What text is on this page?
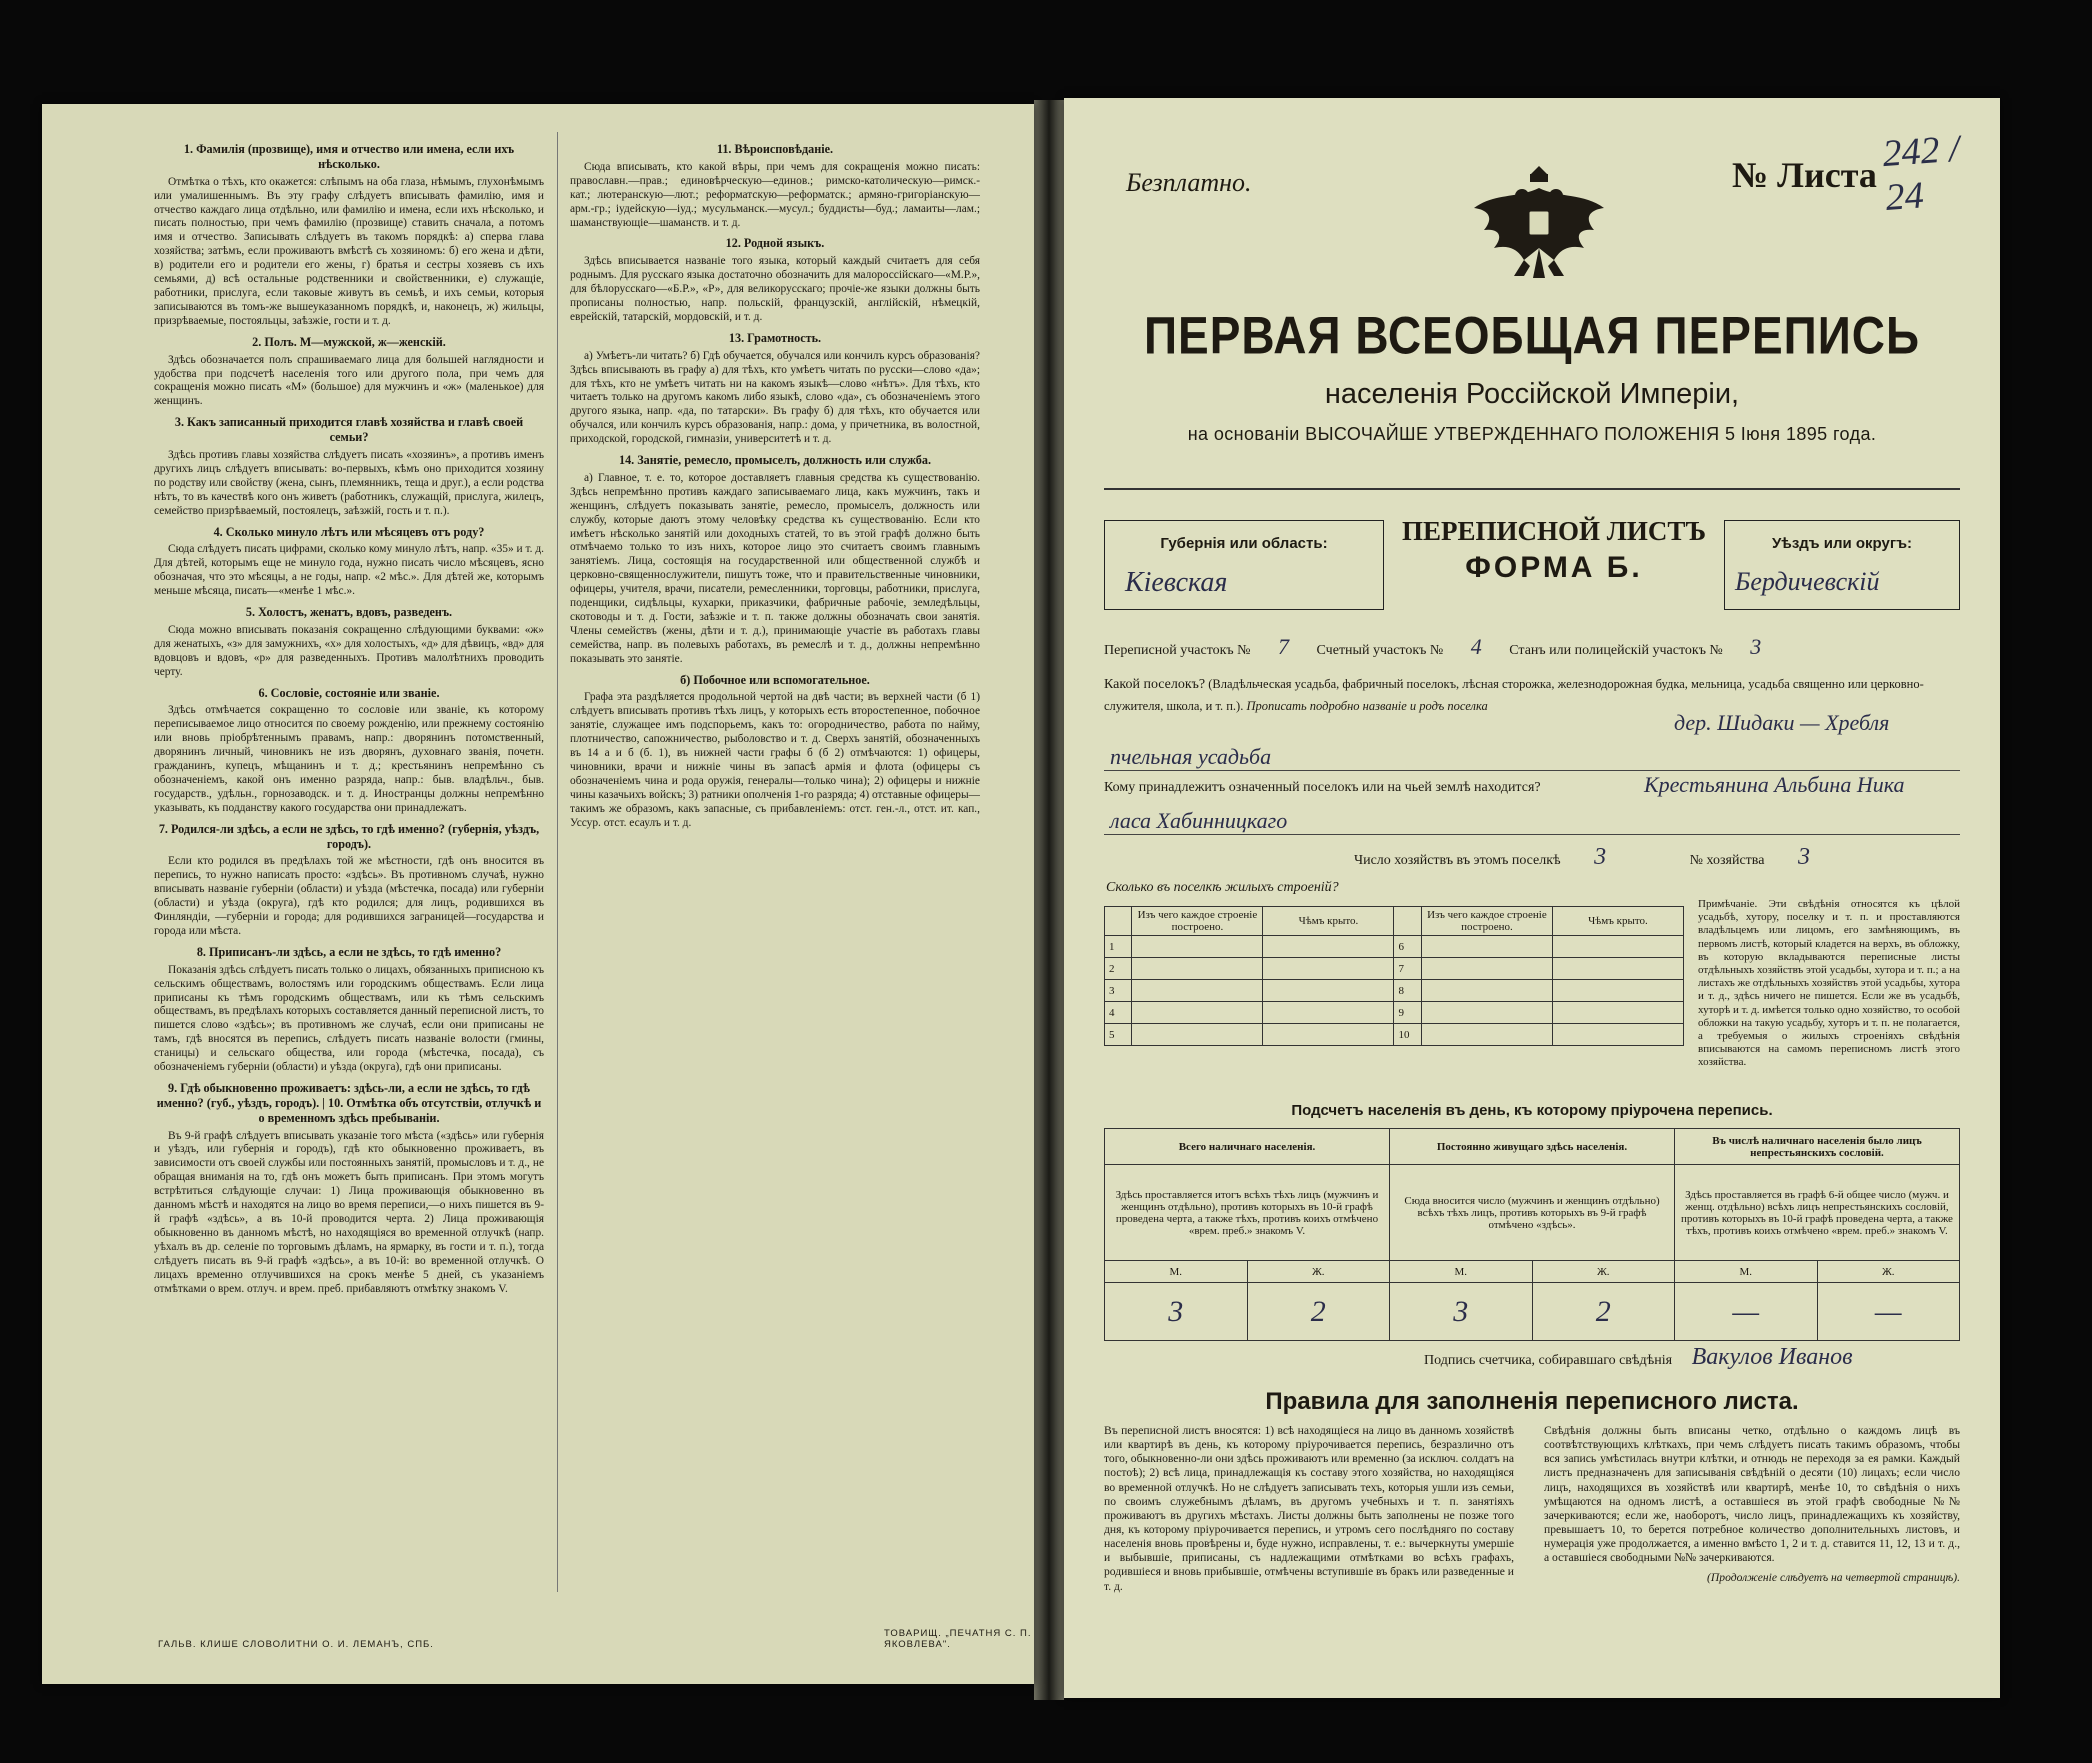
1. Фамилія (прозвище), имя и отчество или имена, если ихъ нѣсколько.
Отмѣтка о тѣхъ, кто окажется: слѣпымъ на оба глаза, нѣмымъ, глухонѣмымъ или умалишеннымъ. Въ эту графу слѣдуетъ вписывать фамилію, имя и отчество каждаго лица отдѣльно, или фамилію и имена, если ихъ нѣсколько, и писать полностью, при чемъ фамилію (прозвище) ставить сначала, а потомъ имя и отчество. Записывать слѣдуетъ въ такомъ порядкѣ: а) сперва глава хозяйства; затѣмъ, если проживаютъ вмѣстѣ съ хозяиномъ: б) его жена и дѣти, в) родители его и родители его жены, г) братья и сестры хозяевъ съ ихъ семьями, д) всѣ остальные родственники и свойственники, е) служащіе, работники, прислуга, если таковые живутъ въ семьѣ, и ихъ семьи, которыя записываются въ томъ-же вышеуказанномъ порядкѣ, и, наконецъ, ж) жильцы, призрѣваемые, постояльцы, заѣзжіе, гости и т. д.
2. Полъ. М—мужской, ж—женскій.
Здѣсь обозначается полъ спрашиваемаго лица для большей наглядности и удобства при подсчетѣ населенія того или другого пола, при чемъ для сокращенія можно писать «М» (большое) для мужчинъ и «ж» (маленькое) для женщинъ.
3. Какъ записанный приходится главѣ хозяйства и главѣ своей семьи?
Здѣсь противъ главы хозяйства слѣдуетъ писать «хозяинъ», а противъ именъ другихъ лицъ слѣдуетъ вписывать: во-первыхъ, кѣмъ оно приходится хозяину по родству или свойству (жена, сынъ, племянникъ, теща и друг.), а если родства нѣтъ, то въ качествѣ кого онъ живетъ (работникъ, служащій, прислуга, жилецъ, семейство призрѣваемый, постоялецъ, заѣзжій, гость и т. п.).
4. Сколько минуло лѣтъ или мѣсяцевъ отъ роду?
Сюда слѣдуетъ писать цифрами, сколько кому минуло лѣтъ, напр. «35» и т. д. Для дѣтей, которымъ еще не минуло года, нужно писать число мѣсяцевъ, ясно обозначая, что это мѣсяцы, а не годы, напр. «2 мѣс.». Для дѣтей же, которымъ меньше мѣсяца, писать—«менѣе 1 мѣс.».
5. Холостъ, женатъ, вдовъ, разведенъ.
Сюда можно вписывать показанія сокращенно слѣдующими буквами: «ж» для женатыхъ, «з» для замужнихъ, «х» для холостыхъ, «д» для дѣвицъ, «вд» для вдовцовъ и вдовъ, «р» для разведенныхъ. Противъ малолѣтнихъ проводить черту.
6. Сословіе, состояніе или званіе.
Здѣсь отмѣчается сокращенно то сословіе или званіе, къ которому переписываемое лицо относится по своему рожденію, или прежнему состоянію или вновь пріобрѣтеннымъ правамъ, напр.: дворянинъ потомственный, дворянинъ личный, чиновникъ не изъ дворянъ, духовнаго званія, почетн. гражданинъ, купецъ, мѣщанинъ и т. д.; крестьянинъ непремѣнно съ обозначеніемъ, какой онъ именно разряда, напр.: быв. владѣльч., быв. государств., удѣльн., горнозаводск. и т. д. Иностранцы должны непремѣнно указывать, къ подданству какого государства они принадлежатъ.
7. Родился-ли здѣсь, а если не здѣсь, то гдѣ именно? (губернія, уѣздъ, городъ).
Если кто родился въ предѣлахъ той же мѣстности, гдѣ онъ вносится въ перепись, то нужно написать просто: «здѣсь». Въ противномъ случаѣ, нужно вписывать названіе губерніи (области) и уѣзда (мѣстечка, посада) или губерніи (области) и уѣзда (округа), гдѣ кто родился; для лицъ, родившихся въ Финляндіи, —губерніи и города; для родившихся заграницей—государства и города или мѣста.
8. Приписанъ-ли здѣсь, а если не здѣсь, то гдѣ именно?
Показанія здѣсь слѣдуетъ писать только о лицахъ, обязанныхъ приписною къ сельскимъ обществамъ, волостямъ или городскимъ обществамъ. Если лица приписаны къ тѣмъ городскимъ обществамъ, или къ тѣмъ сельскимъ обществамъ, въ предѣлахъ которыхъ составляется данный переписной листъ, то пишется слово «здѣсь»; въ противномъ же случаѣ, если они приписаны не тамъ, гдѣ вносятся въ перепись, слѣдуетъ писать названіе волости (гмины, станицы) и сельскаго общества, или города (мѣстечка, посада), съ обозначеніемъ губерніи (области) и уѣзда (округа), гдѣ они приписаны.
9. Гдѣ обыкновенно проживаетъ: здѣсь-ли, а если не здѣсь, то гдѣ именно? (губ., уѣздъ, городъ). | 10. Отмѣтка объ отсутствіи, отлучкѣ и о временномъ здѣсь пребываніи.
Въ 9-й графѣ слѣдуетъ вписывать указаніе того мѣста («здѣсь» или губернія и уѣздъ, или губернія и городъ), гдѣ кто обыкновенно проживаетъ, въ зависимости отъ своей службы или постоянныхъ занятій, промысловъ и т. д., не обращая вниманія на то, гдѣ онъ можетъ быть приписанъ. При этомъ могутъ встрѣтиться слѣдующіе случаи: 1) Лица проживающія обыкновенно въ данномъ мѣстѣ и находятся на лицо во время переписи,—о нихъ пишется въ 9-й графѣ «здѣсь», а въ 10-й проводится черта. 2) Лица проживающія обыкновенно въ данномъ мѣстѣ, но находящіяся во временной отлучкѣ (напр. уѣхалъ въ др. селеніе по торговымъ дѣламъ, на ярмарку, въ гости и т. п.), тогда слѣдуетъ писать въ 9-й графѣ «здѣсь», а въ 10-й: во временной отлучкѣ. О лицахъ временно отлучившихся на срокъ менѣе 5 дней, съ указаніемъ отмѣтками о врем. отлуч. и врем. преб. прибавляютъ отмѣтку знакомъ V.
11. Вѣроисповѣданіе.
Сюда вписывать, кто какой вѣры, при чемъ для сокращенія можно писать: православн.—прав.; единовѣрческую—единов.; римско-католическую—римск.-кат.; лютеранскую—лют.; реформатскую—реформатск.; армяно-григоріанскую—арм.-гр.; іудейскую—іуд.; мусульманск.—мусул.; буддисты—буд.; ламаиты—лам.; шаманствующіе—шаманств. и т. д.
12. Родной языкъ.
Здѣсь вписывается названіе того языка, который каждый считаетъ для себя роднымъ. Для русскаго языка достаточно обозначить для малороссійскаго—«М.Р.», для бѣлорусскаго—«Б.Р.», «Р», для великорусскаго; прочіе-же языки должны быть прописаны полностью, напр. польскій, французскій, англійскій, нѣмецкій, еврейскій, татарскій, мордовскій, и т. д.
13. Грамотность.
а) Умѣетъ-ли читать? б) Гдѣ обучается, обучался или кончилъ курсъ образованія? Здѣсь вписывають въ графу а) для тѣхъ, кто умѣетъ читать по русски—слово «да»; для тѣхъ, кто не умѣетъ читать ни на какомъ языкѣ—слово «нѣтъ». Для тѣхъ, кто читаетъ только на другомъ какомъ либо языкѣ, слово «да», съ обозначеніемъ этого другого языка, напр. «да, по татарски». Въ графу б) для тѣхъ, кто обучается или обучался, или кончилъ курсъ образованія, напр.: дома, у причетника, въ волостной, приходской, городской, гимназіи, университетѣ и т. д.
14. Занятіе, ремесло, промыселъ, должность или служба.
а) Главное, т. е. то, которое доставляетъ главныя средства къ существованію. Здѣсь непремѣнно противъ каждаго записываемаго лица, какъ мужчинъ, такъ и женщинъ, слѣдуетъ показывать занятіе, ремесло, промыселъ, должность или службу, которые даютъ этому человѣку средства къ существованію. Если кто имѣетъ нѣсколько занятій или доходныхъ статей, то въ этой графѣ должно быть отмѣчаемо только то изъ нихъ, которое лицо это считаетъ своимъ главнымъ занятіемъ. Лица, состоящія на государственной или общественной службѣ и церковно-священнослужители, пишутъ тоже, что и правительственные чиновники, офицеры, учителя, врачи, писатели, ремесленники, торговцы, работники, прислуга, поденщики, сидѣльцы, кухарки, приказчики, фабричные рабочіе, земледѣльцы, скотоводы и т. д. Гости, заѣзжіе и т. п. также должны обозначать свои занятія. Члены семействъ (жены, дѣти и т. д.), принимающіе участіе въ работахъ главы семейства, напр. въ полевыхъ работахъ, въ ремеслѣ и т. д., должны непремѣнно показывать это занятіе.
б) Побочное или вспомогательное.
Графа эта раздѣляется продольной чертой на двѣ части; въ верхней части (б 1) слѣдуетъ вписывать противъ тѣхъ лицъ, у которыхъ есть второстепенное, побочное занятіе, служащее имъ подспорьемъ, какъ то: огородничество, работа по найму, плотничество, сапожничество, рыболовство и т. д. Сверхъ занятій, обозначенныхъ въ 14 а и б (б. 1), въ нижней части графы б (б 2) отмѣчаются: 1) офицеры, чиновники, врачи и нижніе чины въ запасѣ армія и флота (офицеры съ обозначеніемъ чина и рода оружія, генералы—только чина); 2) офицеры и нижніе чины казачьихъ войскъ; 3) ратники ополченія 1-го разряда; 4) отставные офицеры—такимъ же образомъ, какъ запасные, съ прибавленіемъ: отст. ген.-л., отст. ит. кап., Уссур. отст. есаулъ и т. д.
ГАЛЬВ. КЛИШЕ СЛОВОЛИТНИ О. И. ЛЕМАНЪ, СПБ.
ТОВАРИЩ. „ПЕЧАТНЯ С. П. ЯКОВЛЕВА".
Безплатно.	№ Листа 242 / 24
ПЕРВАЯ ВСЕОБЩАЯ ПЕРЕПИСЬ
населенія Россійской Имперіи,
на основаніи ВЫСОЧАЙШЕ УТВЕРЖДЕННАГО ПОЛОЖЕНІЯ 5 Іюня 1895 года.
Губернія или область:
Кіевская
ПЕРЕПИСНОЙ ЛИСТЪ
ФОРМА Б.
Уѣздъ или округъ:
Бердичевскій
Переписной участокъ № 7 Счетный участокъ № 4 Станъ или полицейскій участокъ № 3
Какой поселокъ? (Владѣльческая усадьба, фабричный поселокъ, лѣсная сторожка, железнодорожная будка, мельница, усадьба священно или церковно-служителя, школа, и т. п.). Прописать подробно названіе и родъ поселка
дер. Шидаки — Хребля
пчельная усадьба
Кому принадлежитъ означенный поселокъ или на чьей землѣ находится?	Крестьянина Альбина Ника
ласа Хабинницкаго
Число хозяйствъ въ этомъ поселкѣ 3	№ хозяйства 3
Сколько въ поселкѣ жилыхъ строеній?
	Изъ чего каждое строеніе построено.	Чѣмъ крыто.		Изъ чего каждое строеніе построено.	Чѣмъ крыто.
1			6		
2			7		
3			8		
4			9		
5			10		
Примѣчаніе. Эти свѣдѣнія относятся къ цѣлой усадьбѣ, хутору, поселку и т. п. и проставляются владѣльцемъ или лицомъ, его замѣняющимъ, въ первомъ листѣ, который кладется на верхъ, въ обложку, въ которую вкладываются переписные листы отдѣльныхъ хозяйствъ этой усадьбы, хутора и т. п.; а на листахъ же отдѣльныхъ хозяйствъ этой усадьбы, хутора и т. д., здѣсь ничего не пишется. Если же въ усадьбѣ, хуторѣ и т. д. имѣется только одно хозяйство, то особой обложки на такую усадьбу, хуторъ и т. п. не полагается, а требуемыя о жилыхъ строеніяхъ свѣдѣнія вписываются на самомъ переписномъ листѣ этого хозяйства.
Подсчетъ населенія въ день, къ которому пріурочена перепись.
Всего наличнаго населенія.		Постоянно живущаго здѣсь населенія.		Въ числѣ наличнаго населенія было лицъ непрестьянскихъ сословій.	
Здѣсь проставляется итогъ всѣхъ тѣхъ лицъ (мужчинъ и женщинъ отдѣльно), противъ которыхъ въ 10-й графѣ проведена черта, а также тѣхъ, противъ коихъ отмѣчено «врем. преб.» знакомъ V.		Сюда вносится число (мужчинъ и женщинъ отдѣльно) всѣхъ тѣхъ лицъ, противъ которыхъ въ 9-й графѣ отмѣчено «здѣсь».		Здѣсь проставляется въ графѣ 6-й общее число (мужч. и женщ. отдѣльно) всѣхъ лицъ непрестьянскихъ сословій, противъ которыхъ въ 10-й графѣ проведена черта, а также тѣхъ, противъ коихъ отмѣчено «врем. преб.» знакомъ V.	
М.	Ж.	М.	Ж.	М.	Ж.
3	2	3	2	—	—
Подпись счетчика, собиравшаго свѣдѣнія Вакулов Иванов
Правила для заполненія переписного листа.
Въ переписной листъ вносятся: 1) всѣ находящіеся на лицо въ данномъ хозяйствѣ или квартирѣ въ день, къ которому пріурочивается перепись, безразлично отъ того, обыкновенно-ли они здѣсь проживаютъ или временно (за исключ. солдатъ на постоѣ); 2) всѣ лица, принадлежащія къ составу этого хозяйства, но находящіяся во временной отлучкѣ. Но не слѣдуетъ записывать техъ, которыя ушли изъ семьи, по своимъ служебнымъ дѣламъ, въ другомъ учебныхъ и т. п. занятіяхъ проживаютъ въ другихъ мѣстахъ. Листы должны быть заполнены не позже того дня, къ которому пріурочивается перепись, и утромъ сего послѣдняго по составу населенія вновь провѣрены и, буде нужно, исправлены, т. е.: вычеркнуты умершіе и выбывшіе, приписаны, съ надлежащими отмѣтками во всѣхъ графахъ, родившіеся и вновь прибывшіе, отмѣчены вступившіе въ бракъ или разведенные и т. д.
Свѣдѣнія должны быть вписаны четко, отдѣльно о каждомъ лицѣ въ соотвѣтствующихъ клѣткахъ, при чемъ слѣдуетъ писать такимъ образомъ, чтобы вся запись умѣстилась внутри клѣтки, и отнюдь не переходя за ея рамки. Каждый листъ предназначенъ для записыванія свѣдѣній о десяти (10) лицахъ; если число лицъ, находящихся въ хозяйствѣ или квартирѣ, менѣе 10, то свѣдѣнія о нихъ умѣщаются на одномъ листѣ, а оставшіеся въ этой графѣ свободные №№ зачеркиваются; если же, наоборотъ, число лицъ, принадлежащихъ къ хозяйству, превышаетъ 10, то берется потребное количество дополнительныхъ листовъ, и нумерація уже продолжается, а именно вмѣсто 1, 2 и т. д. ставится 11, 12, 13 и т. д., а оставшіеся свободными №№ зачеркиваются.
(Продолженіе слѣдуетъ на четвертой страницѣ).
